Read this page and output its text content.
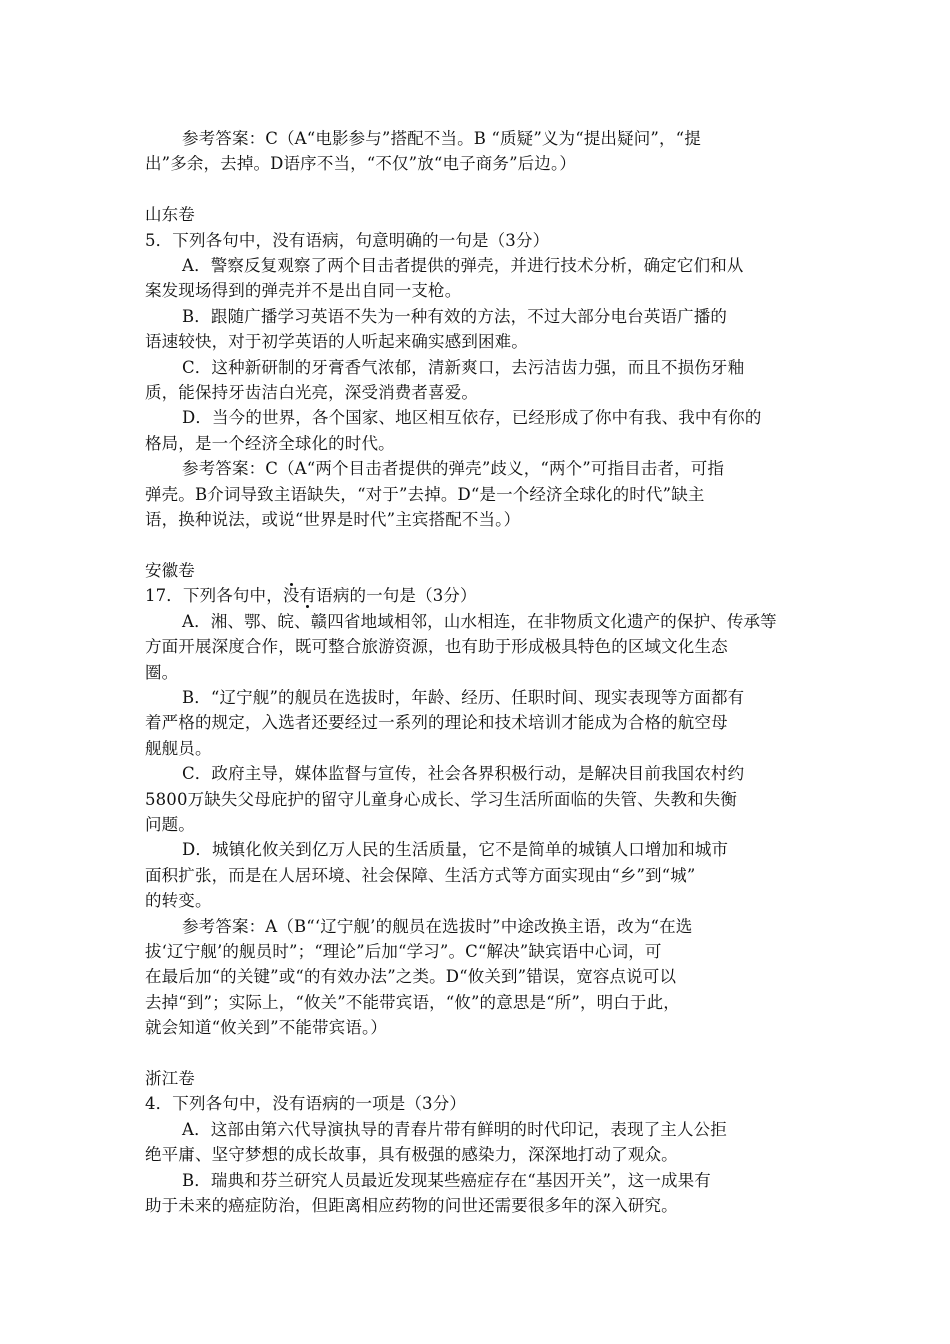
参考答案：C（A“电影参与”搭配不当。B “质疑”义为“提出疑问”，“提
出”多余，去掉。D语序不当，“不仅”放“电子商务”后边。）
山东卷
5．下列各句中，没有语病，句意明确的一句是（3分）
A．警察反复观察了两个目击者提供的弹壳，并进行技术分析，确定它们和从
案发现场得到的弹壳并不是出自同一支枪。
B．跟随广播学习英语不失为一种有效的方法，不过大部分电台英语广播的
语速较快，对于初学英语的人听起来确实感到困难。
C．这种新研制的牙膏香气浓郁，清新爽口，去污洁齿力强，而且不损伤牙釉
质，能保持牙齿洁白光亮，深受消费者喜爱。
D．当今的世界，各个国家、地区相互依存，已经形成了你中有我、我中有你的
格局，是一个经济全球化的时代。
参考答案：C（A“两个目击者提供的弹壳”歧义，“两个”可指目击者，可指
弹壳。B介词导致主语缺失，“对于”去掉。D“是一个经济全球化的时代”缺主
语，换种说法，或说“世界是时代”主宾搭配不当。）
安徽卷
17．下列各句中，没有语病的一句是（3分）
A．湘、鄂、皖、赣四省地域相邻，山水相连，在非物质文化遗产的保护、传承等
方面开展深度合作，既可整合旅游资源，也有助于形成极具特色的区域文化生态
圈。
B．“辽宁舰”的舰员在选拔时，年龄、经历、任职时间、现实表现等方面都有
着严格的规定，入选者还要经过一系列的理论和技术培训才能成为合格的航空母
舰舰员。
C．政府主导，媒体监督与宣传，社会各界积极行动，是解决目前我国农村约
5800万缺失父母庇护的留守儿童身心成长、学习生活所面临的失管、失教和失衡
问题。
D．城镇化攸关到亿万人民的生活质量，它不是简单的城镇人口增加和城市
面积扩张，而是在人居环境、社会保障、生活方式等方面实现由“乡”到“城”
的转变。
参考答案：A（B“‘辽宁舰’的舰员在选拔时”中途改换主语，改为“在选
拔‘辽宁舰’的舰员时”；“理论”后加“学习”。C“解决”缺宾语中心词，可
在最后加“的关键”或“的有效办法”之类。D“攸关到”错误，宽容点说可以
去掉“到”；实际上，“攸关”不能带宾语，“攸”的意思是“所”，明白于此，
就会知道“攸关到”不能带宾语。）
浙江卷
4．下列各句中，没有语病的一项是（3分）
A．这部由第六代导演执导的青春片带有鲜明的时代印记，表现了主人公拒
绝平庸、坚守梦想的成长故事，具有极强的感染力，深深地打动了观众。
B．瑞典和芬兰研究人员最近发现某些癌症存在“基因开关”，这一成果有
助于未来的癌症防治，但距离相应药物的问世还需要很多年的深入研究。
